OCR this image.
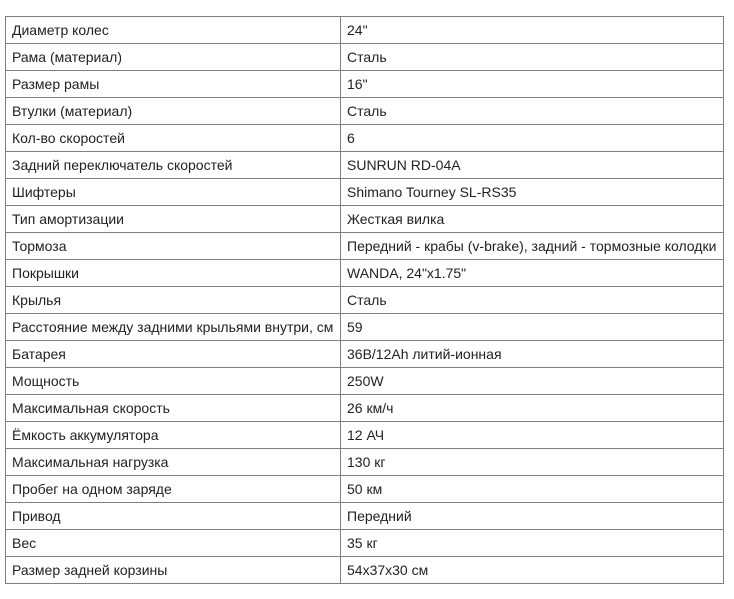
Диаметр колес	24"
Рама (материал)	Сталь
Размер рамы	16"
Втулки (материал)	Сталь
Кол-во скоростей	6
Задний переключатель скоростей	SUNRUN RD-04A
Шифтеры	Shimano Tourney SL-RS35
Тип амортизации	Жесткая вилка
Тормоза	Передний - крабы (v-brake), задний - тормозные колодки
Покрышки	WANDA, 24"x1.75"
Крылья	Сталь
Расстояние между задними крыльями внутри, см	59
Батарея	36В/12Ah литий-ионная
Мощность	250W
Максимальная скорость	26 км/ч
Ёмкость аккумулятора	12 АЧ
Максимальная нагрузка	130 кг
Пробег на одном заряде	50 км
Привод	Передний
Вес	35 кг
Размер задней корзины	54x37x30 см
